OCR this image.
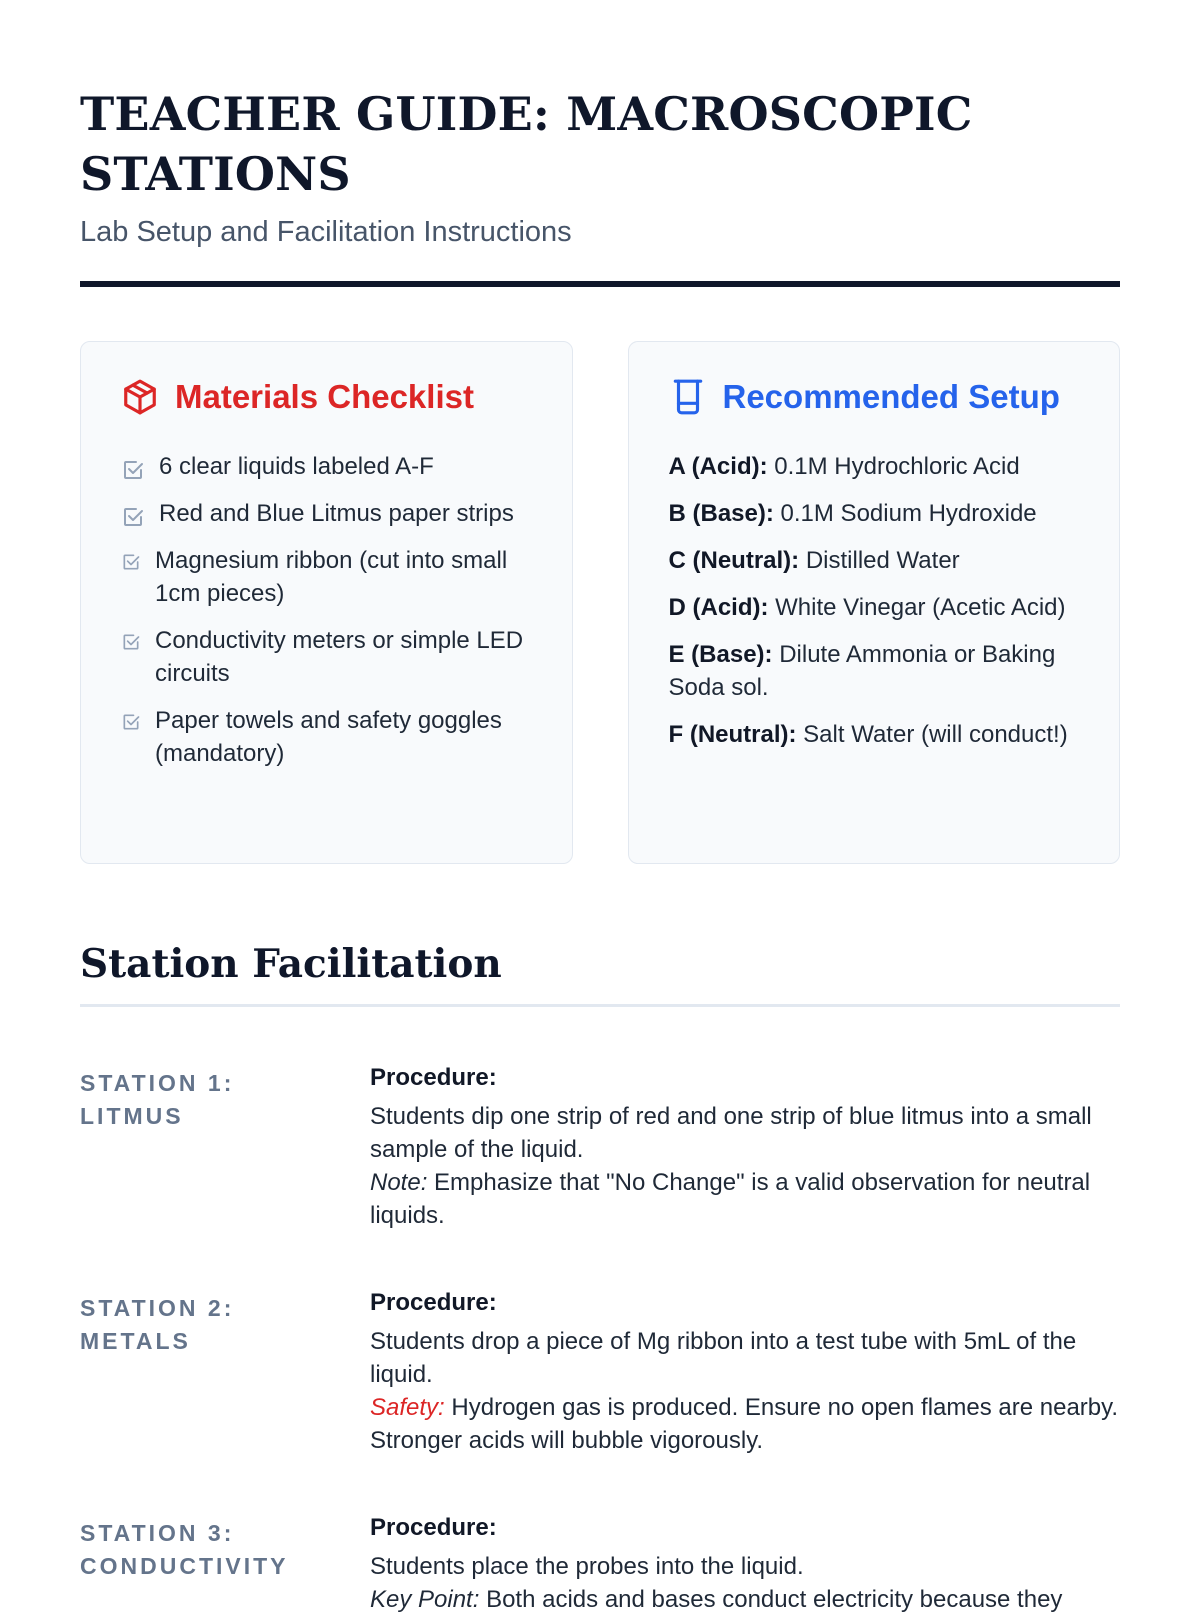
TEACHER GUIDE: MACROSCOPIC STATIONS

Lab Setup and Facilitation Instructions

Materials Checklist
6 clear liquids labeled A-F
Red and Blue Litmus paper strips
Magnesium ribbon (cut into small 1cm pieces)
Conductivity meters or simple LED circuits
Paper towels and safety goggles (mandatory)
Recommended Setup
A (Acid): 0.1M Hydrochloric Acid
B (Base): 0.1M Sodium Hydroxide
C (Neutral): Distilled Water
D (Acid): White Vinegar (Acetic Acid)
E (Base): Dilute Ammonia or Baking Soda sol.
F (Neutral): Salt Water (will conduct!)
Station Facilitation
STATION 1:
LITMUS
Procedure:
Students dip one strip of red and one strip of blue litmus into a small sample of the liquid.
Note: Emphasize that "No Change" is a valid observation for neutral liquids.
STATION 2:
METALS
Procedure:
Students drop a piece of Mg ribbon into a test tube with 5mL of the liquid.
Safety: Hydrogen gas is produced. Ensure no open flames are nearby. Stronger acids will bubble vigorously.
STATION 3:
CONDUCTIVITY
Procedure:
Students place the probes into the liquid.
Key Point: Both acids and bases conduct electricity because they
